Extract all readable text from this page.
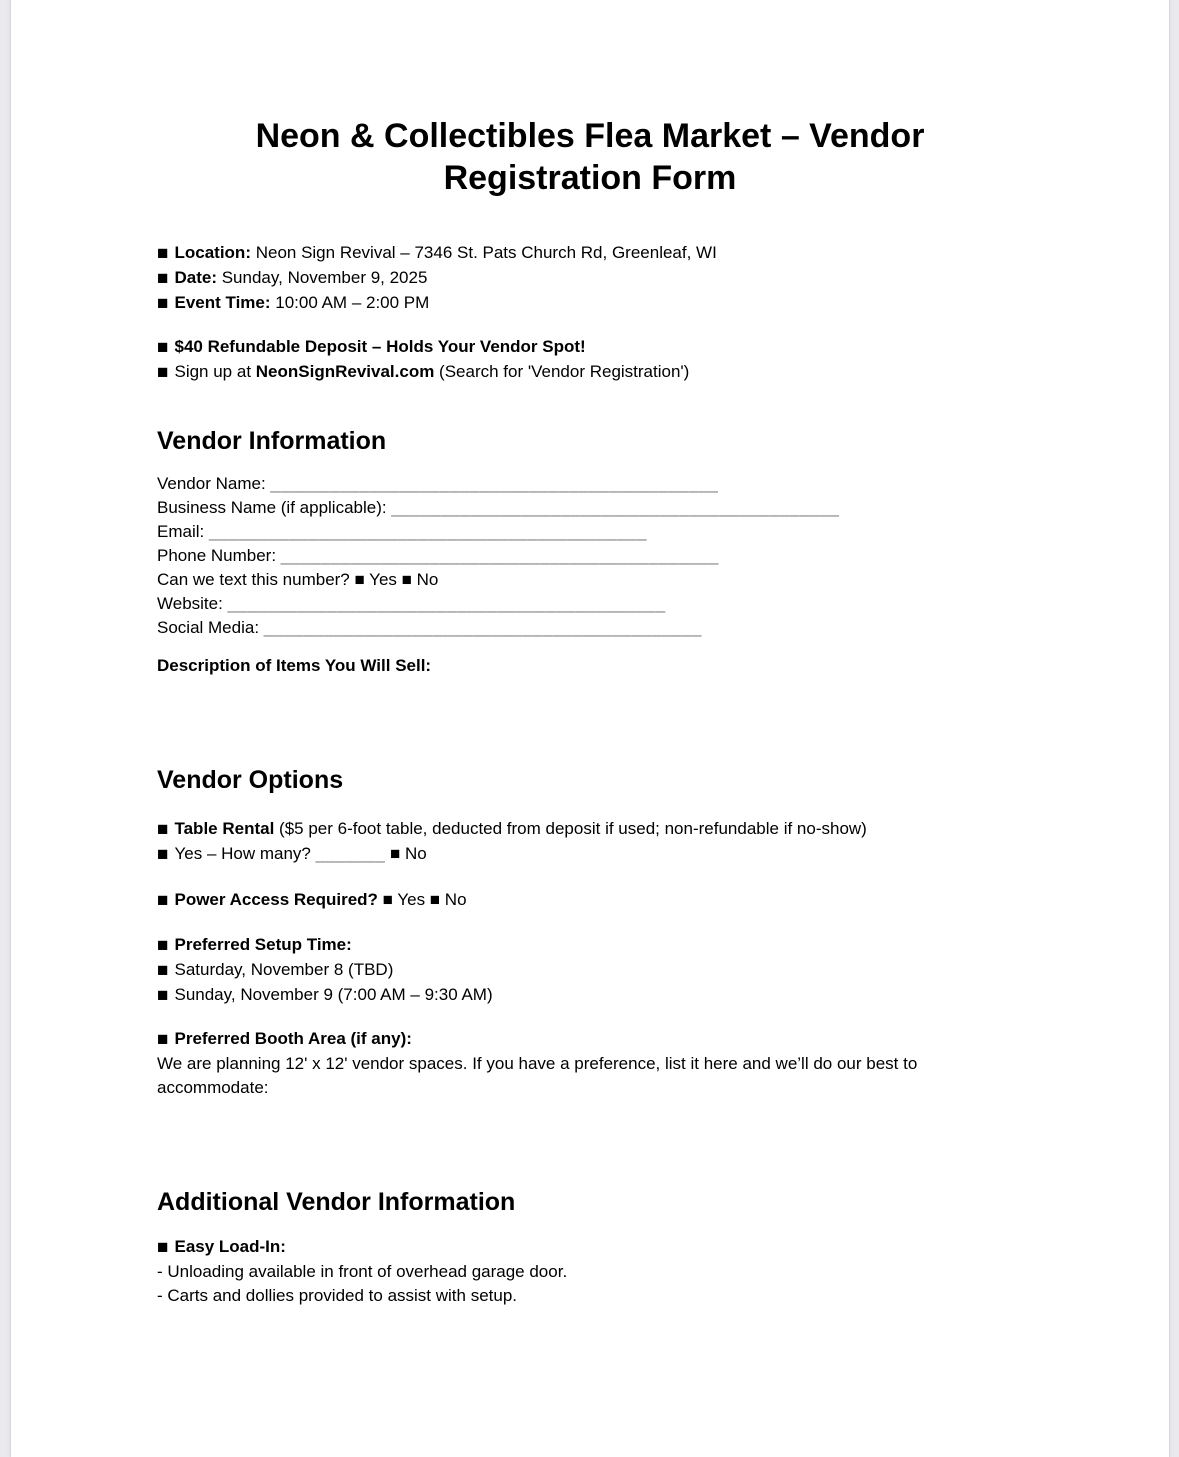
Neon & Collectibles Flea Market – Vendor
Registration Form

■ Location: Neon Sign Revival – 7346 St. Pats Church Rd, Greenleaf, WI

■ Date: Sunday, November 9, 2025

■ Event Time: 10:00 AM – 2:00 PM

■ $40 Refundable Deposit – Holds Your Vendor Spot!

■ Sign up at NeonSignRevival.com (Search for 'Vendor Registration')

Vendor Information

Vendor Name: _____________________________________________

Business Name (if applicable): _____________________________________________

Email: ____________________________________________

Phone Number: ____________________________________________

Can we text this number? ■ Yes ■ No

Website: ____________________________________________

Social Media: ____________________________________________

Description of Items You Will Sell:

Vendor Options

■ Table Rental ($5 per 6-foot table, deducted from deposit if used; non-refundable if no-show)

■ Yes – How many? _______ ■ No

■ Power Access Required? ■ Yes ■ No

■ Preferred Setup Time:

■ Saturday, November 8 (TBD)

■ Sunday, November 9 (7:00 AM – 9:30 AM)

■ Preferred Booth Area (if any):

We are planning 12' x 12' vendor spaces. If you have a preference, list it here and we’ll do our best to accommodate:

Additional Vendor Information

■ Easy Load-In:

- Unloading available in front of overhead garage door.

- Carts and dollies provided to assist with setup.
